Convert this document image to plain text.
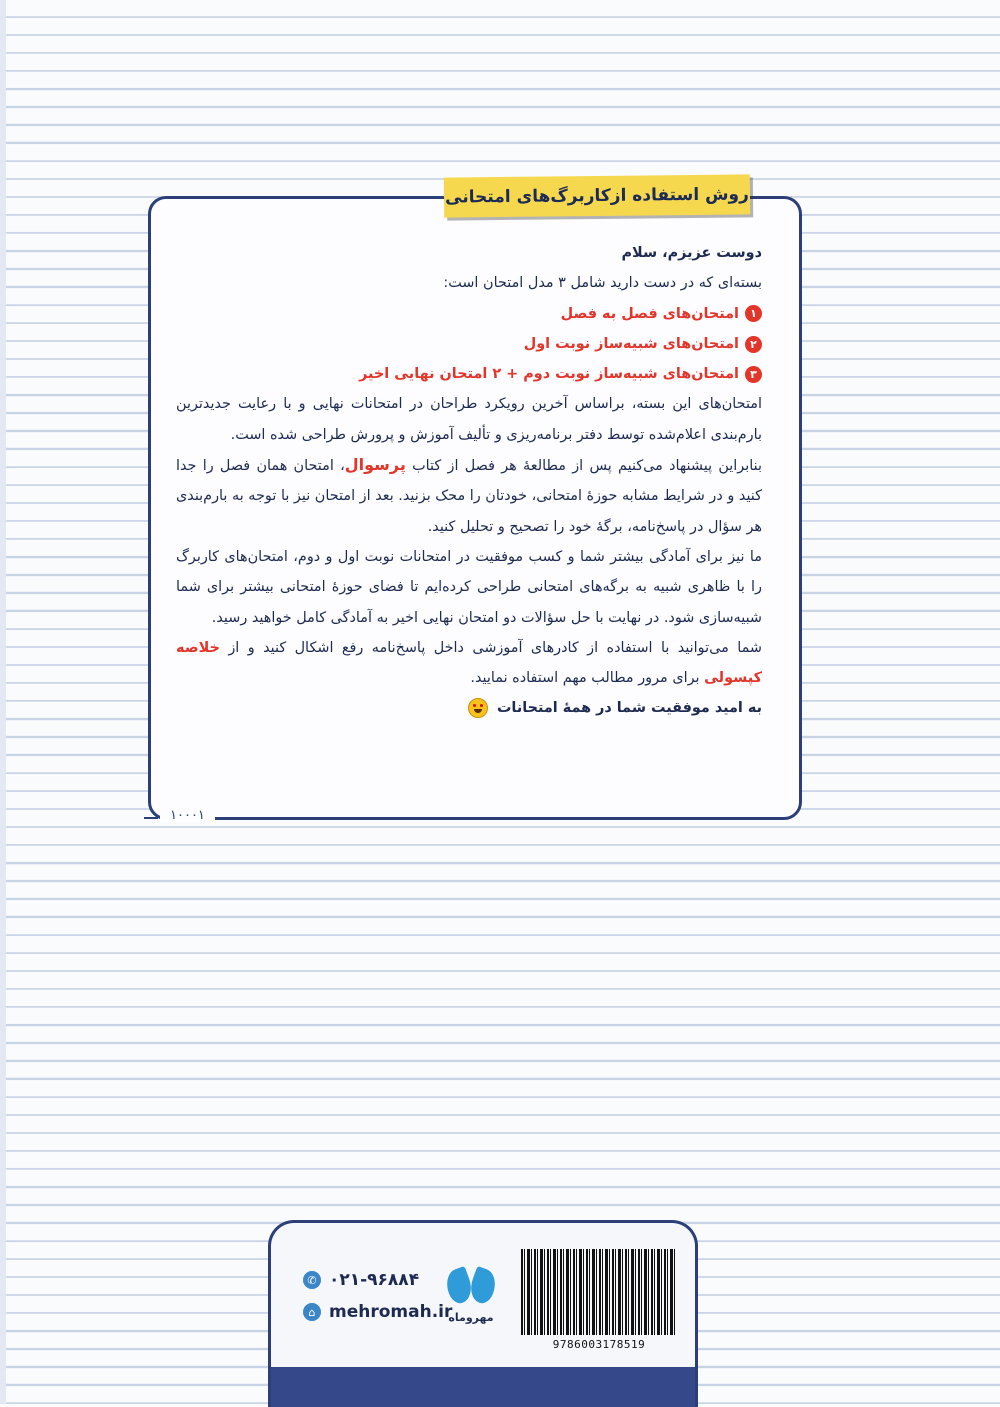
روش استفاده ازکاربرگ‌های امتحانی

دوست عزیزم، سلام

بسته‌ای که در دست دارید شامل ۳ مدل امتحان است:

۱
امتحان‌های فصل به فصل
۲
امتحان‌های شبیه‌ساز نوبت اول
۳
امتحان‌های شبیه‌ساز نوبت دوم + ۲ امتحان نهایی اخیر

امتحان‌های این بسته، براساس آخرین رویکرد طراحان در امتحانات نهایی و با رعایت جدیدترین بارم‌بندی اعلام‌شده توسط دفتر برنامه‌ریزی و تألیف آموزش و پرورش طراحی شده است.

بنابراین پیشنهاد می‌کنیم پس از مطالعهٔ هر فصل از کتاب پرسوال، امتحان همان فصل را جدا کنید و در شرایط مشابه حوزهٔ امتحانی، خودتان را محک بزنید. بعد از امتحان نیز با توجه به بارم‌بندی هر سؤال در پاسخ‌نامه، برگهٔ خود را تصحیح و تحلیل کنید.

ما نیز برای آمادگی بیشتر شما و کسب موفقیت در امتحانات نوبت اول و دوم، امتحان‌های کاربرگ را با ظاهری شبیه به برگه‌های امتحانی طراحی کرده‌ایم تا فضای حوزهٔ امتحانی بیشتر برای شما شبیه‌سازی شود. در نهایت با حل سؤالات دو امتحان نهایی اخیر به آمادگی کامل خواهید رسید.

شما می‌توانید با استفاده از کادرهای آموزشی داخل پاسخ‌نامه رفع اشکال کنید و از خلاصه کپسولی برای مرور مطالب مهم استفاده نمایید.

به امید موفقیت شما در همهٔ امتحانات

۱۰۰۰۱
✆ ۰۲۱-۹۶۸۸۴
⌂ mehromah.ir
مهروماه
9786003178519
